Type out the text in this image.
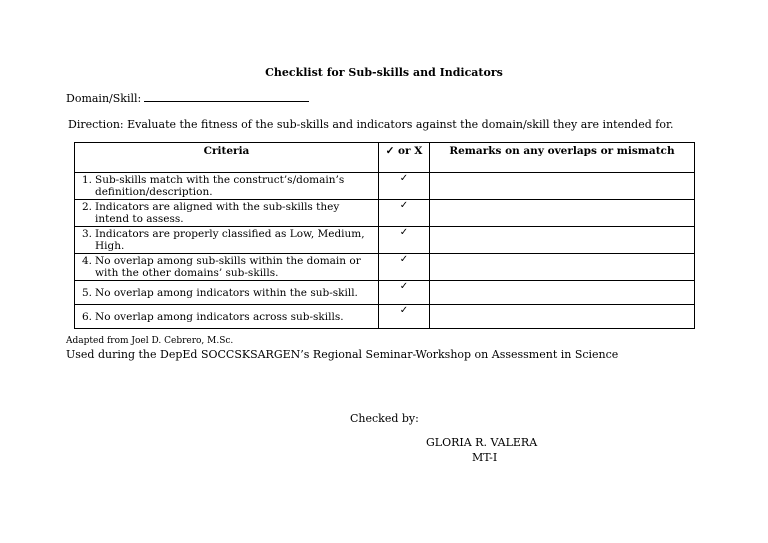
Checklist for Sub-skills and Indicators
Domain/Skill:
Direction: Evaluate the fitness of the sub-skills and indicators against the domain/skill they are intended for.
Criteria	✓ or X	Remarks on any overlaps or mismatch

1. Sub-skills match with the construct’s/domain’s definition/description.	✓	

2. Indicators are aligned with the sub-skills they intend to assess.	✓	

3. Indicators are properly classified as Low, Medium, High.	✓	

4. No overlap among sub-skills within the domain or with the other domains’ sub-skills.	✓	

5. No overlap among indicators within the sub-skill.	✓	

6. No overlap among indicators across sub-skills.	✓	
Adapted from Joel D. Cebrero, M.Sc.
Used during the DepEd SOCCSKSARGEN’s Regional Seminar-Workshop on Assessment in Science
Checked by:
GLORIA R. VALERA
MT-I
